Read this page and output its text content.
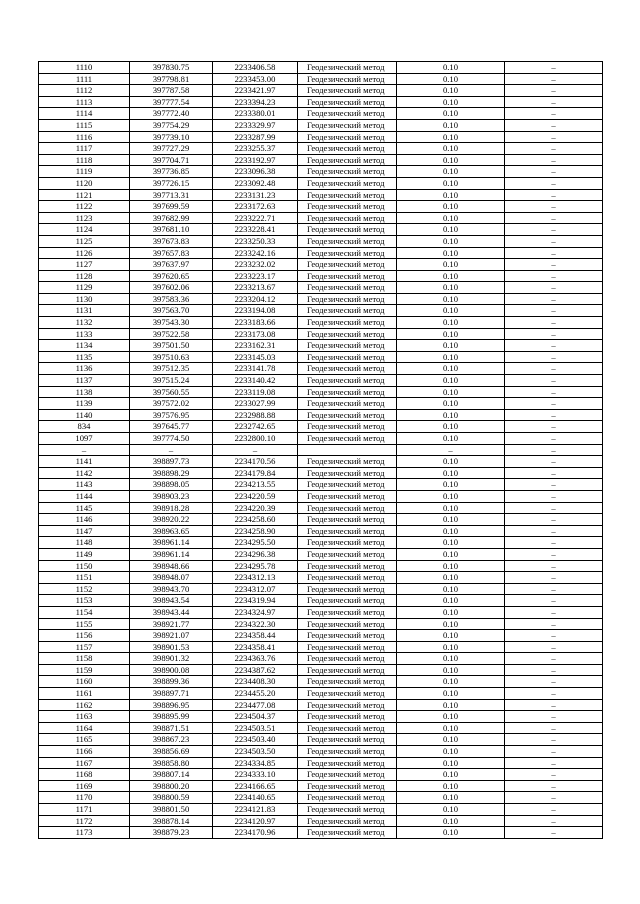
1110	397830.75	2233406.58	Геодезический метод	0.10	–
1111	397798.81	2233453.00	Геодезический метод	0.10	–
1112	397787.58	2233421.97	Геодезический метод	0.10	–
1113	397777.54	2233394.23	Геодезический метод	0.10	–
1114	397772.40	2233380.01	Геодезический метод	0.10	–
1115	397754.29	2233329.97	Геодезический метод	0.10	–
1116	397739.10	2233287.99	Геодезический метод	0.10	–
1117	397727.29	2233255.37	Геодезический метод	0.10	–
1118	397704.71	2233192.97	Геодезический метод	0.10	–
1119	397736.85	2233096.38	Геодезический метод	0.10	–
1120	397726.15	2233092.48	Геодезический метод	0.10	–
1121	397713.31	2233131.23	Геодезический метод	0.10	–
1122	397699.59	2233172.63	Геодезический метод	0.10	–
1123	397682.99	2233222.71	Геодезический метод	0.10	–
1124	397681.10	2233228.41	Геодезический метод	0.10	–
1125	397673.83	2233250.33	Геодезический метод	0.10	–
1126	397657.83	2233242.16	Геодезический метод	0.10	–
1127	397637.97	2233232.02	Геодезический метод	0.10	–
1128	397620.65	2233223.17	Геодезический метод	0.10	–
1129	397602.06	2233213.67	Геодезический метод	0.10	–
1130	397583.36	2233204.12	Геодезический метод	0.10	–
1131	397563.70	2233194.08	Геодезический метод	0.10	–
1132	397543.30	2233183.66	Геодезический метод	0.10	–
1133	397522.58	2233173.08	Геодезический метод	0.10	–
1134	397501.50	2233162.31	Геодезический метод	0.10	–
1135	397510.63	2233145.03	Геодезический метод	0.10	–
1136	397512.35	2233141.78	Геодезический метод	0.10	–
1137	397515.24	2233140.42	Геодезический метод	0.10	–
1138	397560.55	2233119.08	Геодезический метод	0.10	–
1139	397572.02	2233027.99	Геодезический метод	0.10	–
1140	397576.95	2232988.88	Геодезический метод	0.10	–
834	397645.77	2232742.65	Геодезический метод	0.10	–
1097	397774.50	2232800.10	Геодезический метод	0.10	–
–	–	–		–	–
1141	398897.73	2234170.56	Геодезический метод	0.10	–
1142	398898.29	2234179.84	Геодезический метод	0.10	–
1143	398898.05	2234213.55	Геодезический метод	0.10	–
1144	398903.23	2234220.59	Геодезический метод	0.10	–
1145	398918.28	2234220.39	Геодезический метод	0.10	–
1146	398920.22	2234258.60	Геодезический метод	0.10	–
1147	398963.65	2234258.90	Геодезический метод	0.10	–
1148	398961.14	2234295.50	Геодезический метод	0.10	–
1149	398961.14	2234296.38	Геодезический метод	0.10	–
1150	398948.66	2234295.78	Геодезический метод	0.10	–
1151	398948.07	2234312.13	Геодезический метод	0.10	–
1152	398943.70	2234312.07	Геодезический метод	0.10	–
1153	398943.54	2234319.94	Геодезический метод	0.10	–
1154	398943.44	2234324.97	Геодезический метод	0.10	–
1155	398921.77	2234322.30	Геодезический метод	0.10	–
1156	398921.07	2234358.44	Геодезический метод	0.10	–
1157	398901.53	2234358.41	Геодезический метод	0.10	–
1158	398901.32	2234363.76	Геодезический метод	0.10	–
1159	398900.08	2234387.62	Геодезический метод	0.10	–
1160	398899.36	2234408.30	Геодезический метод	0.10	–
1161	398897.71	2234455.20	Геодезический метод	0.10	–
1162	398896.95	2234477.08	Геодезический метод	0.10	–
1163	398895.99	2234504.37	Геодезический метод	0.10	–
1164	398871.51	2234503.51	Геодезический метод	0.10	–
1165	398867.23	2234503.40	Геодезический метод	0.10	–
1166	398856.69	2234503.50	Геодезический метод	0.10	–
1167	398858.80	2234334.85	Геодезический метод	0.10	–
1168	398807.14	2234333.10	Геодезический метод	0.10	–
1169	398800.20	2234166.65	Геодезический метод	0.10	–
1170	398800.59	2234140.65	Геодезический метод	0.10	–
1171	398801.50	2234121.83	Геодезический метод	0.10	–
1172	398878.14	2234120.97	Геодезический метод	0.10	–
1173	398879.23	2234170.96	Геодезический метод	0.10	–
